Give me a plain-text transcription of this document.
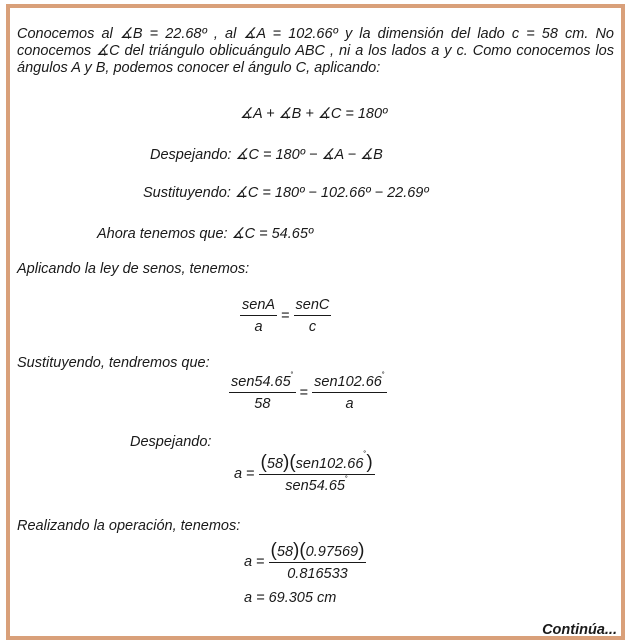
Conocemos al ∡B = 22.68º , al ∡A = 102.66º y la dimensión del lado c = 58 cm. No conocemos ∡C del triángulo oblicuángulo ABC , ni a los lados a y c. Como conocemos los ángulos A y B, podemos conocer el ángulo C, aplicando:
∡A + ∡B + ∡C = 180º
Despejando: ∡C = 180º − ∡A − ∡B
Sustituyendo: ∡C = 180º − 102.66º − 22.69º
Ahora tenemos que: ∡C = 54.65º
Aplicando la ley de senos, tenemos:
$\frac{\text{senA}}{a} = \frac{\text{senC}}{c}$
Sustituyendo, tendremos que:
$\frac{sen54.65^˚}{58} = \frac{sen102.66^˚}{a}$
Despejando:
$a = \frac{(58)(sen102.66^˚)}{sen54.65^˚}$
Realizando la operación, tenemos:
$a = \frac{(58)(0.97569)}{0.816533}$
a = 69.305 cm
Continúa...
